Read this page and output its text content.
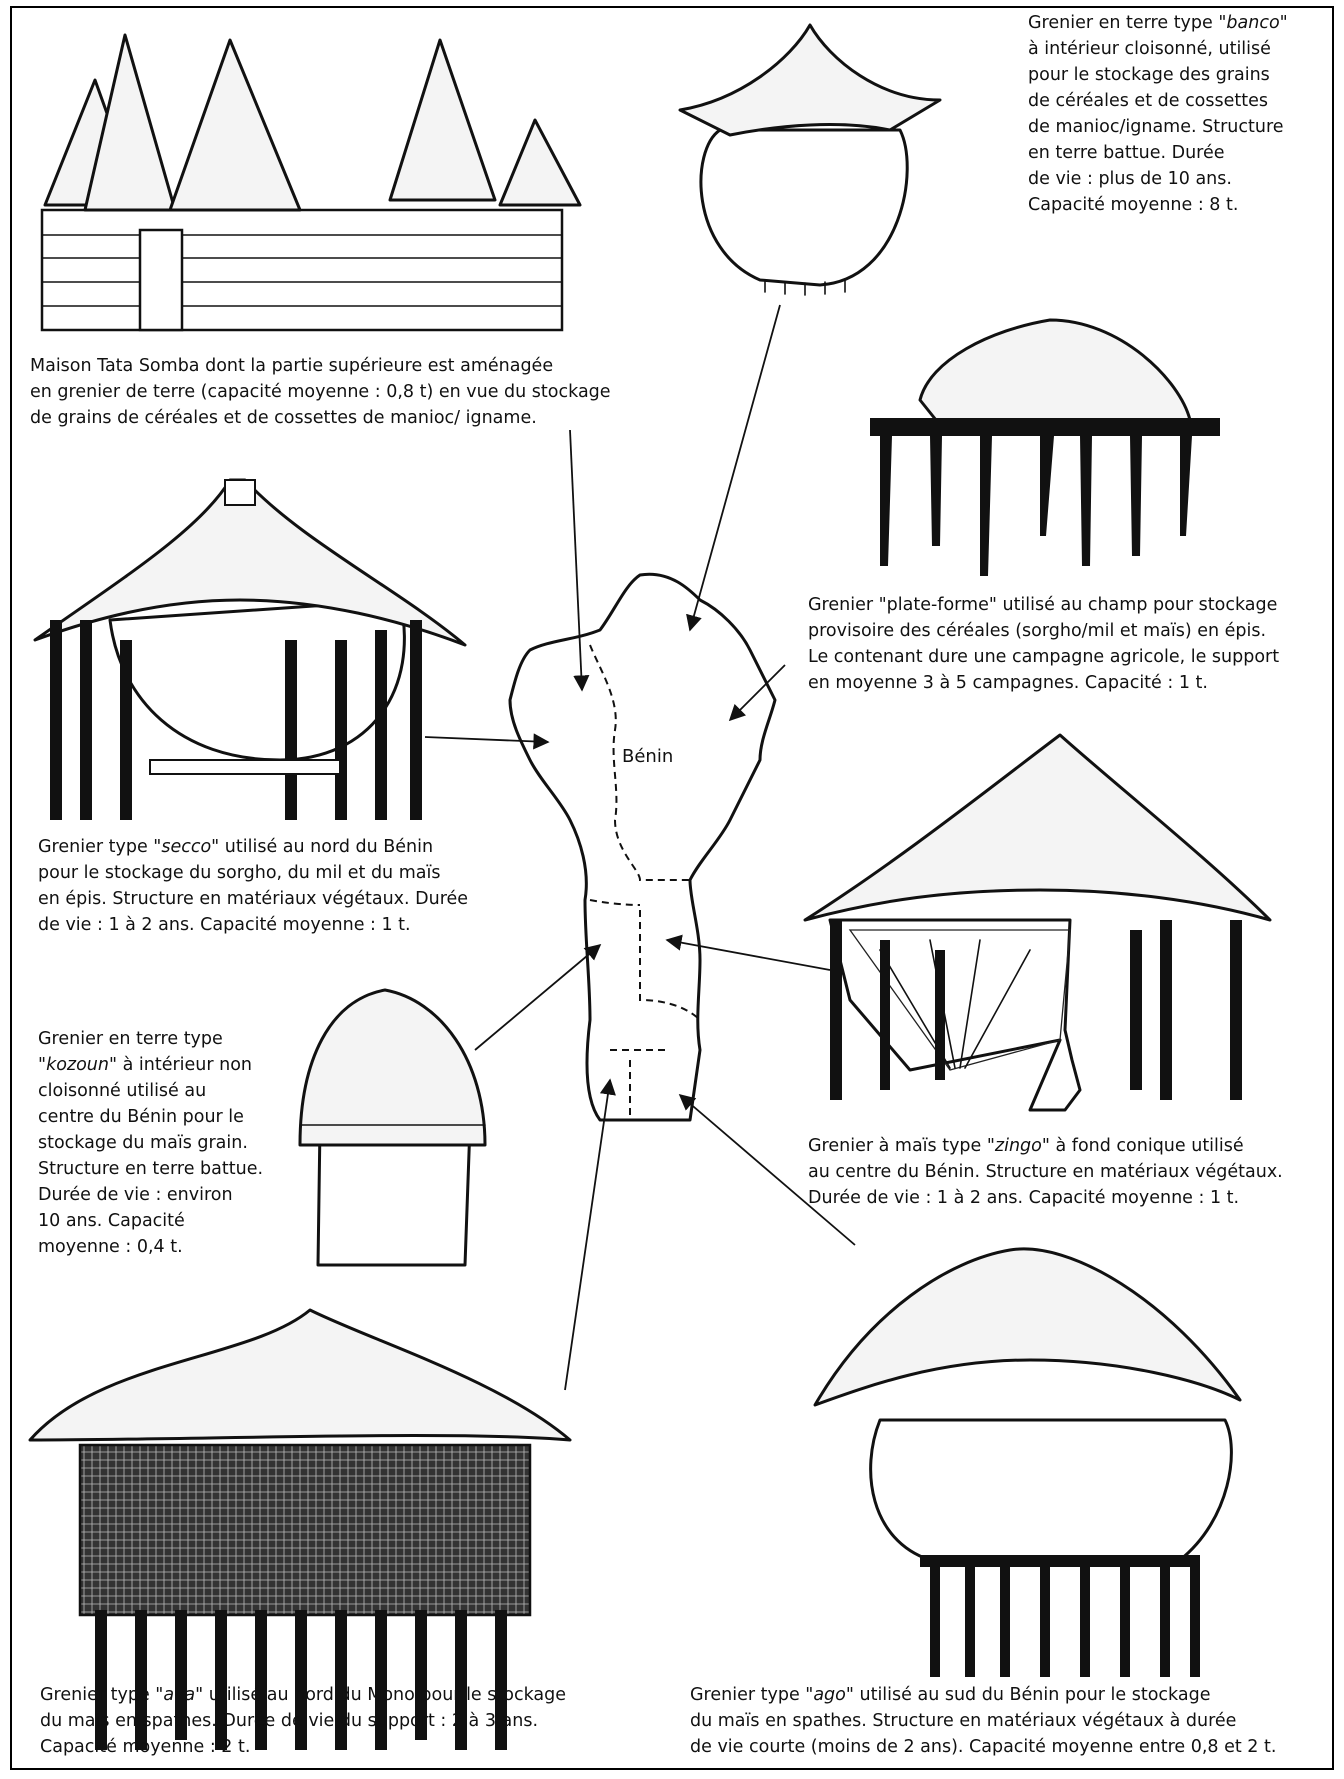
Bénin
Maison Tata Somba dont la partie supérieure est aménagée
en grenier de terre (capacité moyenne : 0,8 t) en vue du stockage
de grains de céréales et de cossettes de manioc/ igname.
Grenier en terre type "banco"
à intérieur cloisonné, utilisé
pour le stockage des grains
de céréales et de cossettes
de manioc/igname. Structure
en terre battue. Durée
de vie : plus de 10 ans.
Capacité moyenne : 8 t.
Grenier "plate-forme" utilisé au champ pour stockage
provisoire des céréales (sorgho/mil et maïs) en épis.
Le contenant dure une campagne agricole, le support
en moyenne 3 à 5 campagnes. Capacité : 1 t.
Grenier type "secco" utilisé au nord du Bénin
pour le stockage du sorgho, du mil et du maïs
en épis. Structure en matériaux végétaux. Durée
de vie : 1 à 2 ans. Capacité moyenne : 1 t.
Grenier en terre type
"kozoun" à intérieur non
cloisonné utilisé au
centre du Bénin pour le
stockage du maïs grain.
Structure en terre battue.
Durée de vie : environ
10 ans. Capacité
moyenne : 0,4 t.
Grenier à maïs type "zingo" à fond conique utilisé
au centre du Bénin. Structure en matériaux végétaux.
Durée de vie : 1 à 2 ans. Capacité moyenne : 1 t.
Grenier type "ava" utilisé au nord du Mono pour le stockage
du maïs en spathes. Durée de vie du support : 2 à 3 ans.
Capacité moyenne : 2 t.
Grenier type "ago" utilisé au sud du Bénin pour le stockage
du maïs en spathes. Structure en matériaux végétaux à durée
de vie courte (moins de 2 ans). Capacité moyenne entre 0,8 et 2 t.
